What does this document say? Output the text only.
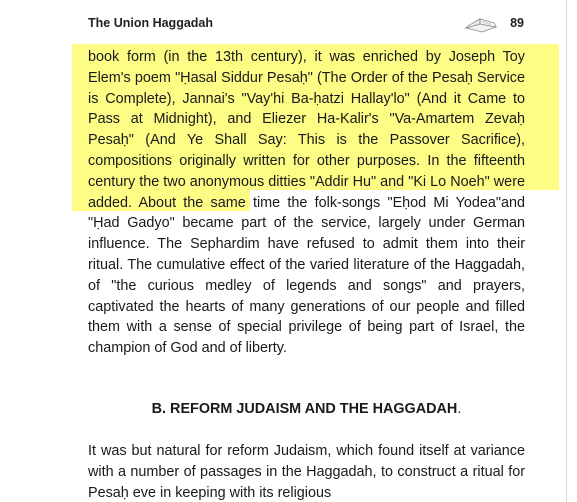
The Union Haggadah	89

book form (in the 13th century), it was enriched by Joseph Toy Elem's poem "Ḥasal Siddur Pesaḥ" (The Order of the Pesaḥ Service is Complete), Jannai's "Vay'hi Ba-ḥatzi Hallay'lo" (And it Came to Pass at Midnight), and Eliezer Ha-Kalir's "Va-Amartem Zevaḥ Pesaḥ" (And Ye Shall Say: This is the Passover Sacrifice), compositions originally written for other purposes. In the fifteenth century the two anonymous ditties "Addir Hu" and "Ki Lo Noeh" were added. About the same time the folk-songs "Eḥod Mi Yodea"and "Ḥad Gadyo" became part of the service, largely under German influence. The Sephardim have refused to admit them into their ritual. The cumulative effect of the varied literature of the Haggadah, of "the curious medley of legends and songs" and prayers, captivated the hearts of many generations of our people and filled them with a sense of special privilege of being part of Israel, the champion of God and of liberty.

B. REFORM JUDAISM AND THE HAGGADAH.

It was but natural for reform Judaism, which found itself at variance with a number of passages in the Haggadah, to construct a ritual for Pesaḥ eve in keeping with its religious
